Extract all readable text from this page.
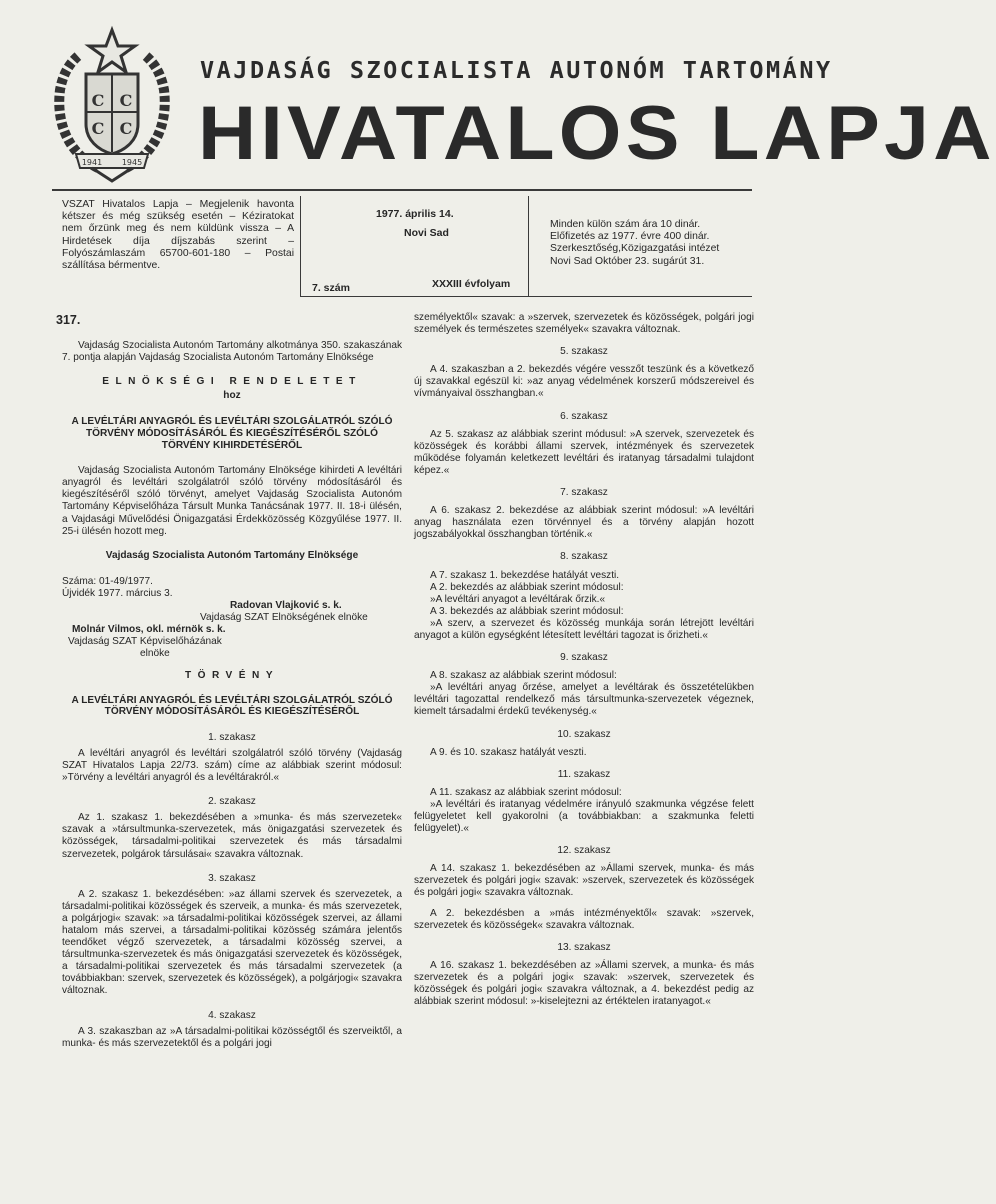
C C
C C
1941 1945
VAJDASÁG SZOCIALISTA AUTONÓM TARTOMÁNY
HIVATALOS LAPJA
VSZAT Hivatalos Lapja – Megjelenik havonta kétszer és még szükség esetén – Kéziratokat nem őrzünk meg és nem küldünk vissza – A Hirdetések díja díjszabás szerint – Folyószámlaszám 65700-601-180 – Postai szállítása bérmentve.
1977. április 14.
Novi Sad
7. szám	XXXIII évfolyam
Minden külön szám ára 10 dinár.
Előfizetés az 1977. évre 400 dinár.
Szerkesztőség,Közigazgatási intézet
Novi Sad Október 23. sugárút 31.

317.

Vajdaság Szocialista Autonóm Tartomány alkotmánya 350. szakaszának 7. pontja alapján Vajdaság Szocialista Autonóm Tartomány Elnöksége

ELNÖKSÉGI RENDELETET

hoz

A LEVÉLTÁRI ANYAGRÓL ÉS LEVÉLTÁRI SZOLGÁLATRÓL SZÓLÓ TÖRVÉNY MÓDOSÍTÁSÁRÓL ÉS KIEGÉSZÍTÉSÉRŐL SZÓLÓ TÖRVÉNY KIHIRDETÉSÉRŐL

Vajdaság Szocialista Autonóm Tartomány Elnöksége kihirdeti A levéltári anyagról és levéltári szolgálatról szóló törvény módosításáról és kiegészítéséről szóló törvényt, amelyet Vajdaság Szocialista Autonóm Tartomány Képviselőháza Társult Munka Tanácsának 1977. II. 18-i ülésén, a Vajdasági Művelődési Önigazgatási Érdekközösség Közgyűlése 1977. II. 25-i ülésén hozott meg.

Vajdaság Szocialista Autonóm Tartomány Elnöksége

Száma: 01-49/1977.

Újvidék 1977. március 3.

Radovan Vlajković s. k.

Vajdaság SZAT Elnökségének elnöke

Molnár Vilmos, okl. mérnök s. k.

Vajdaság SZAT Képviselőházának

elnöke

TÖRVÉNY

A LEVÉLTÁRI ANYAGRÓL ÉS LEVÉLTÁRI SZOLGÁLATRÓL SZÓLÓ TÖRVÉNY MÓDOSÍTÁSÁRÓL ÉS KIEGÉSZÍTÉSÉRŐL

1. szakasz

A levéltári anyagról és levéltári szolgálatról szóló törvény (Vajdaság SZAT Hivatalos Lapja 22/73. szám) címe az alábbiak szerint módosul: »Törvény a levéltári anyagról és a levéltárakról.«

2. szakasz

Az 1. szakasz 1. bekezdésében a »munka- és más szervezetek« szavak a »társultmunka-szervezetek, más önigazgatási szervezetek és közösségek, társadalmi-politikai szervezetek és más társadalmi szervezetek, polgárok társulásai« szavakra változnak.

3. szakasz

A 2. szakasz 1. bekezdésében: »az állami szervek és szervezetek, a társadalmi-politikai közösségek és szerveik, a munka- és más szervezetek, a polgárjogi« szavak: »a társadalmi-politikai közösségek szervei, az állami hatalom más szervei, a társadalmi-politikai közösség számára jelentős teendőket végző szervezetek, a társadalmi közösség szervei, a társultmunka-szervezetek és más önigazgatási szervezetek és közösségek, a társadalmi-politikai szervezetek és más társadalmi szervezetek (a továbbiakban: szervek, szervezetek és közösségek), a polgárjogi« szavakra változnak.

4. szakasz

A 3. szakaszban az »A társadalmi-politikai közösségtől és szerveiktől, a munka- és más szervezetektől és a polgári jogi

személyektől« szavak: a »szervek, szervezetek és közösségek, polgári jogi személyek és természetes személyek« szavakra változnak.

5. szakasz

A 4. szakaszban a 2. bekezdés végére vesszőt teszünk és a következő új szavakkal egészül ki: »az anyag védelmének korszerű módszereivel és vívmányaival összhangban.«

6. szakasz

Az 5. szakasz az alábbiak szerint módusul: »A szervek, szervezetek és közösségek és korábbi állami szervek, intézmények és szervezetek működése folyamán keletkezett levéltári és iratanyag társadalmi tulajdont képez.«

7. szakasz

A 6. szakasz 2. bekezdése az alábbiak szerint módosul: »A levéltári anyag használata ezen törvénnyel és a törvény alapján hozott jogszabályokkal összhangban történik.«

8. szakasz

A 7. szakasz 1. bekezdése hatályát veszti.

A 2. bekezdés az alábbiak szerint módosul:

»A levéltári anyagot a levéltárak őrzik.«

A 3. bekezdés az alábbiak szerint módosul:

»A szerv, a szervezet és közösség munkája során létrejött levéltári anyagot a külön egységként létesített levéltári tagozat is őrizheti.«

9. szakasz

A 8. szakasz az alábbiak szerint módosul:

»A levéltári anyag őrzése, amelyet a levéltárak és összetételükben levéltári tagozattal rendelkező más társultmunka-szervezetek végeznek, kiemelt társadalmi érdekű tevékenység.«

10. szakasz

A 9. és 10. szakasz hatályát veszti.

11. szakasz

A 11. szakasz az alábbiak szerint módosul:

»A levéltári és iratanyag védelmére irányuló szakmunka végzése felett felügyeletet kell gyakorolni (a továbbiakban: a szakmunka feletti felügyelet).«

12. szakasz

A 14. szakasz 1. bekezdésében az »Állami szervek, munka- és más szervezetek és polgári jogi« szavak: »szervek, szervezetek és közösségek és polgári jogi« szavakra változnak.

A 2. bekezdésben a »más intézményektől« szavak: »szervek, szervezetek és közösségek« szavakra változnak.

13. szakasz

A 16. szakasz 1. bekezdésében az »Állami szervek, a munka- és más szervezetek és a polgári jogi« szavak: »szervek, szervezetek és közösségek és polgári jogi« szavakra változnak, a 4. bekezdést pedig az alábbiak szerint módosul: »-kiselejtezni az értéktelen iratanyagot.«
